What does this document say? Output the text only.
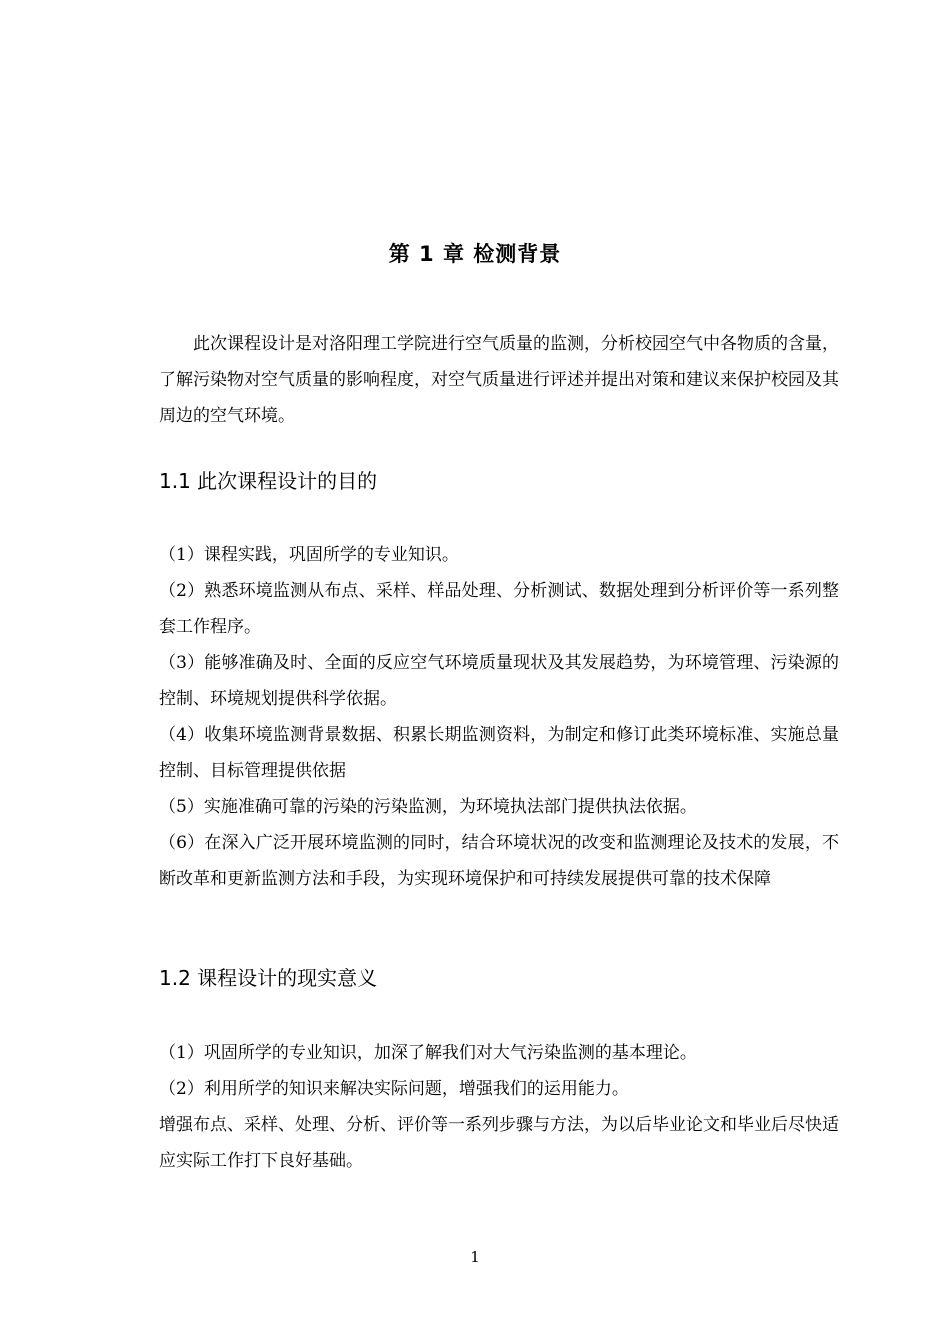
第 1 章 检测背景
此次课程设计是对洛阳理工学院进行空气质量的监测，分析校园空气中各物质的含量，了解污染物对空气质量的影响程度，对空气质量进行评述并提出对策和建议来保护校园及其周边的空气环境。
1.1 此次课程设计的目的
（1）课程实践，巩固所学的专业知识。
（2）熟悉环境监测从布点、采样、样品处理、分析测试、数据处理到分析评价等一系列整套工作程序。
（3）能够准确及时、全面的反应空气环境质量现状及其发展趋势，为环境管理、污染源的控制、环境规划提供科学依据。
（4）收集环境监测背景数据、积累长期监测资料，为制定和修订此类环境标准、实施总量控制、目标管理提供依据
（5）实施准确可靠的污染的污染监测，为环境执法部门提供执法依据。
（6）在深入广泛开展环境监测的同时，结合环境状况的改变和监测理论及技术的发展，不断改革和更新监测方法和手段，为实现环境保护和可持续发展提供可靠的技术保障
1.2 课程设计的现实意义
（1）巩固所学的专业知识，加深了解我们对大气污染监测的基本理论。
（2）利用所学的知识来解决实际问题，增强我们的运用能力。
增强布点、采样、处理、分析、评价等一系列步骤与方法，为以后毕业论文和毕业后尽快适应实际工作打下良好基础。
1
